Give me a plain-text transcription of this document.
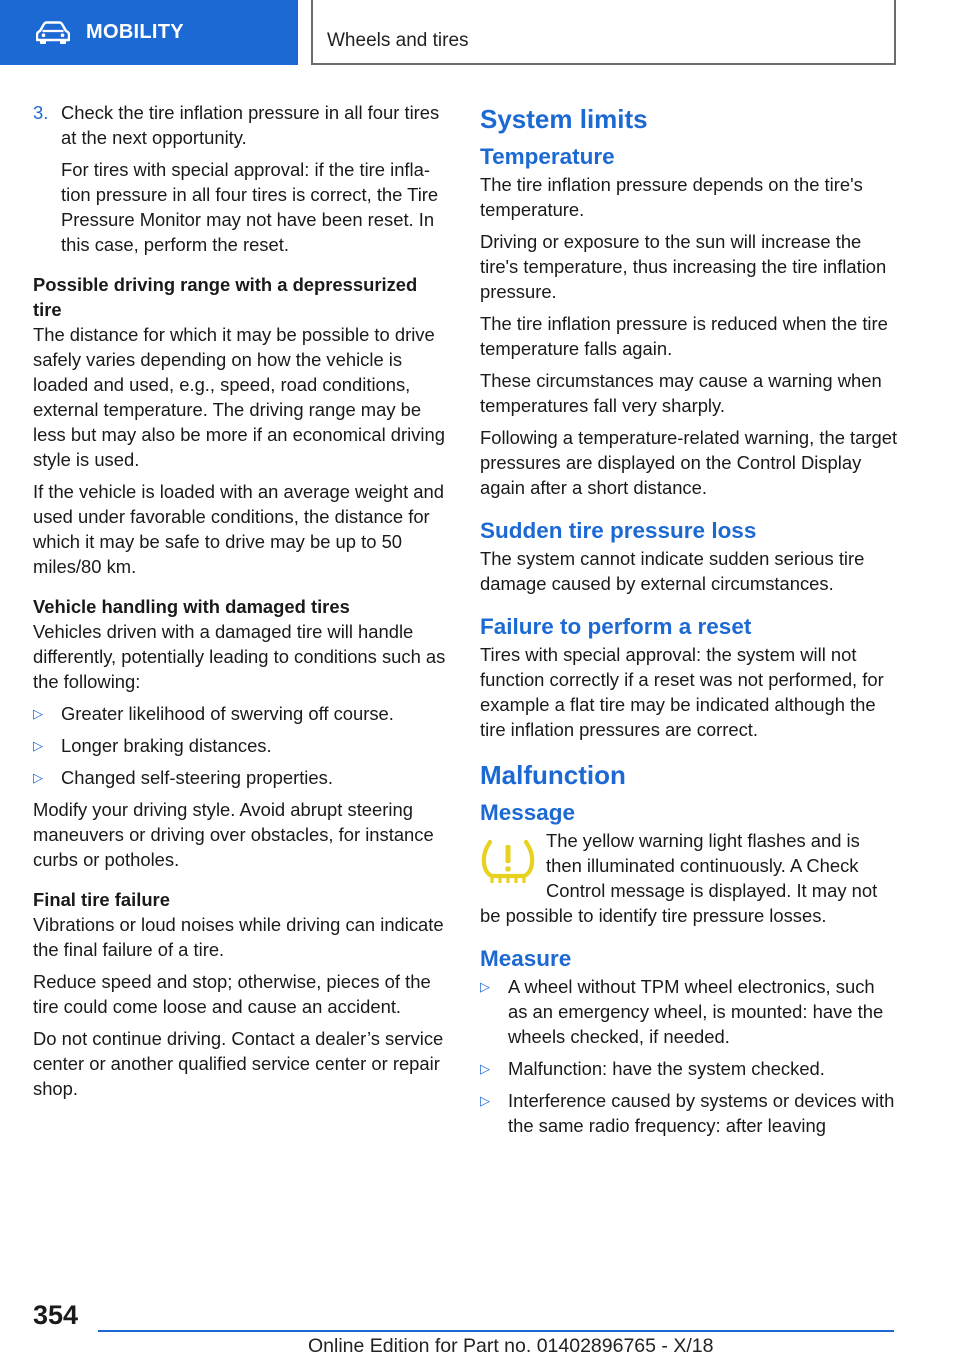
MOBILITY	Wheels and tires
3. Check the tire inflation pressure in all four tires at the next opportunity.
For tires with special approval: if the tire inflation pressure in all four tires is correct, the Tire Pressure Monitor may not have been reset. In this case, perform the reset.
Possible driving range with a depressurized tire
The distance for which it may be possible to drive safely varies depending on how the vehicle is loaded and used, e.g., speed, road conditions, external temperature. The driving range may be less but may also be more if an economical driving style is used.
If the vehicle is loaded with an average weight and used under favorable conditions, the distance for which it may be safe to drive may be up to 50 miles/80 km.
Vehicle handling with damaged tires
Vehicles driven with a damaged tire will handle differently, potentially leading to conditions such as the following:
▷ Greater likelihood of swerving off course.
▷ Longer braking distances.
▷ Changed self-steering properties.
Modify your driving style. Avoid abrupt steering maneuvers or driving over obstacles, for instance curbs or potholes.
Final tire failure
Vibrations or loud noises while driving can indicate the final failure of a tire.
Reduce speed and stop; otherwise, pieces of the tire could come loose and cause an accident.
Do not continue driving. Contact a dealer’s service center or another qualified service center or repair shop.
System limits
Temperature
The tire inflation pressure depends on the tire's temperature.
Driving or exposure to the sun will increase the tire's temperature, thus increasing the tire inflation pressure.
The tire inflation pressure is reduced when the tire temperature falls again.
These circumstances may cause a warning when temperatures fall very sharply.
Following a temperature-related warning, the target pressures are displayed on the Control Display again after a short distance.
Sudden tire pressure loss
The system cannot indicate sudden serious tire damage caused by external circumstances.
Failure to perform a reset
Tires with special approval: the system will not function correctly if a reset was not performed, for example a flat tire may be indicated although the tire inflation pressures are correct.
Malfunction
Message
The yellow warning light flashes and is then illuminated continuously. A Check Control message is displayed. It may not be possible to identify tire pressure losses.
Measure
▷ A wheel without TPM wheel electronics, such as an emergency wheel, is mounted: have the wheels checked, if needed.
▷ Malfunction: have the system checked.
▷ Interference caused by systems or devices with the same radio frequency: after leaving
354
Online Edition for Part no. 01402896765 - X/18
